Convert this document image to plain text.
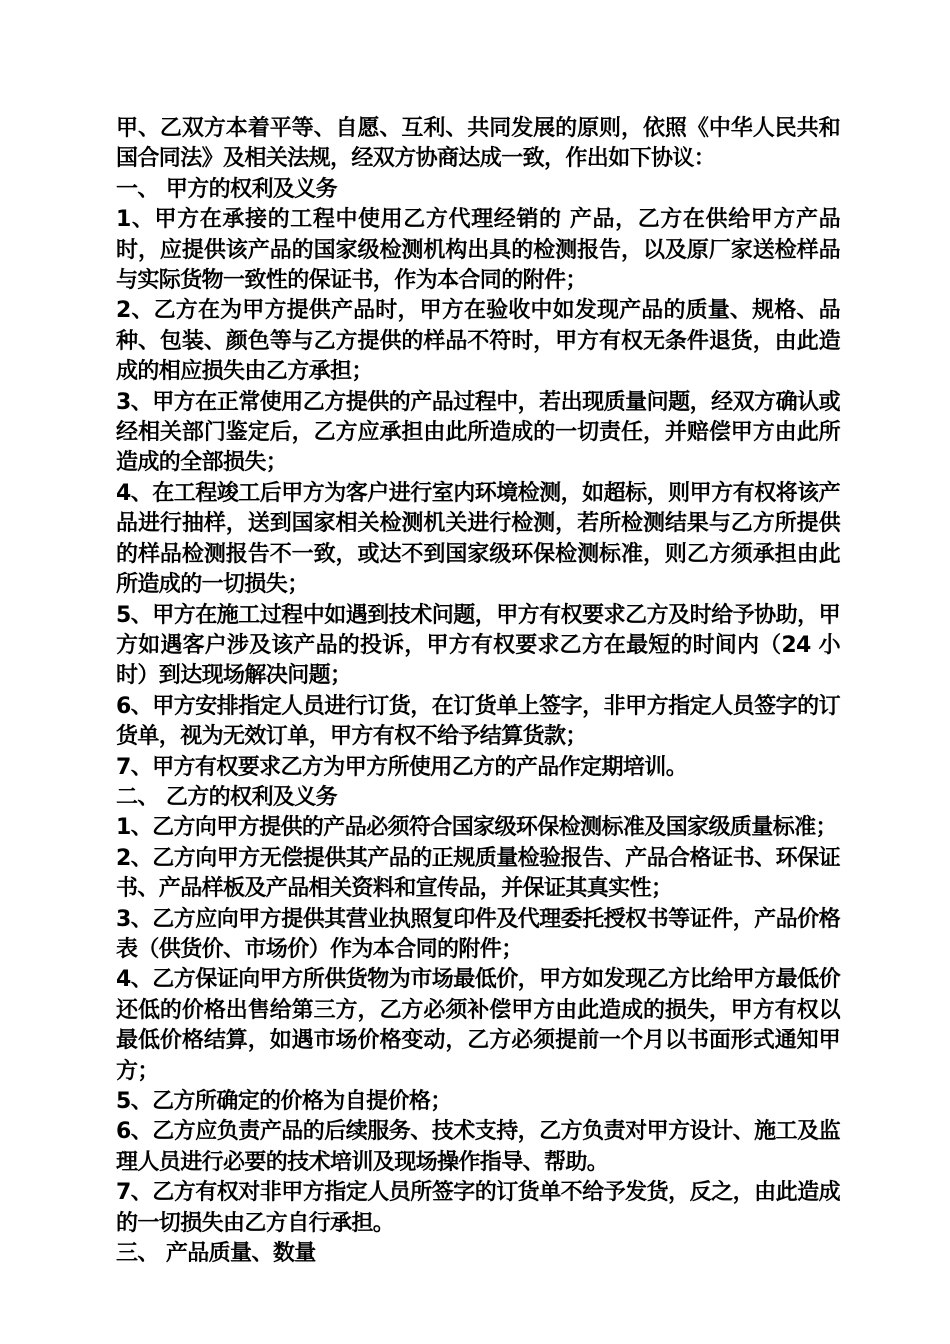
甲、乙双方本着平等、自愿、互利、共同发展的原则，依照《中华人民共和国合同法》及相关法规，经双方协商达成一致，作出如下协议：

一、 甲方的权利及义务

1、甲方在承接的工程中使用乙方代理经销的 产品，乙方在供给甲方产品时，应提供该产品的国家级检测机构出具的检测报告，以及原厂家送检样品与实际货物一致性的保证书，作为本合同的附件；

2、乙方在为甲方提供产品时，甲方在验收中如发现产品的质量、规格、品种、包装、颜色等与乙方提供的样品不符时，甲方有权无条件退货，由此造成的相应损失由乙方承担；

3、甲方在正常使用乙方提供的产品过程中，若出现质量问题，经双方确认或经相关部门鉴定后，乙方应承担由此所造成的一切责任，并赔偿甲方由此所造成的全部损失；

4、在工程竣工后甲方为客户进行室内环境检测，如超标，则甲方有权将该产品进行抽样，送到国家相关检测机关进行检测，若所检测结果与乙方所提供的样品检测报告不一致，或达不到国家级环保检测标准，则乙方须承担由此所造成的一切损失；

5、甲方在施工过程中如遇到技术问题，甲方有权要求乙方及时给予协助，甲方如遇客户涉及该产品的投诉，甲方有权要求乙方在最短的时间内（24 小时）到达现场解决问题；

6、甲方安排指定人员进行订货，在订货单上签字，非甲方指定人员签字的订货单，视为无效订单，甲方有权不给予结算货款；

7、甲方有权要求乙方为甲方所使用乙方的产品作定期培训。

二、 乙方的权利及义务

1、乙方向甲方提供的产品必须符合国家级环保检测标准及国家级质量标准；

2、乙方向甲方无偿提供其产品的正规质量检验报告、产品合格证书、环保证书、产品样板及产品相关资料和宣传品，并保证其真实性；

3、乙方应向甲方提供其营业执照复印件及代理委托授权书等证件，产品价格表（供货价、市场价）作为本合同的附件；

4、乙方保证向甲方所供货物为市场最低价，甲方如发现乙方比给甲方最低价还低的价格出售给第三方，乙方必须补偿甲方由此造成的损失，甲方有权以最低价格结算，如遇市场价格变动，乙方必须提前一个月以书面形式通知甲方；

5、乙方所确定的价格为自提价格；

6、乙方应负责产品的后续服务、技术支持，乙方负责对甲方设计、施工及监理人员进行必要的技术培训及现场操作指导、帮助。

7、乙方有权对非甲方指定人员所签字的订货单不给予发货，反之，由此造成的一切损失由乙方自行承担。

三、 产品质量、数量
